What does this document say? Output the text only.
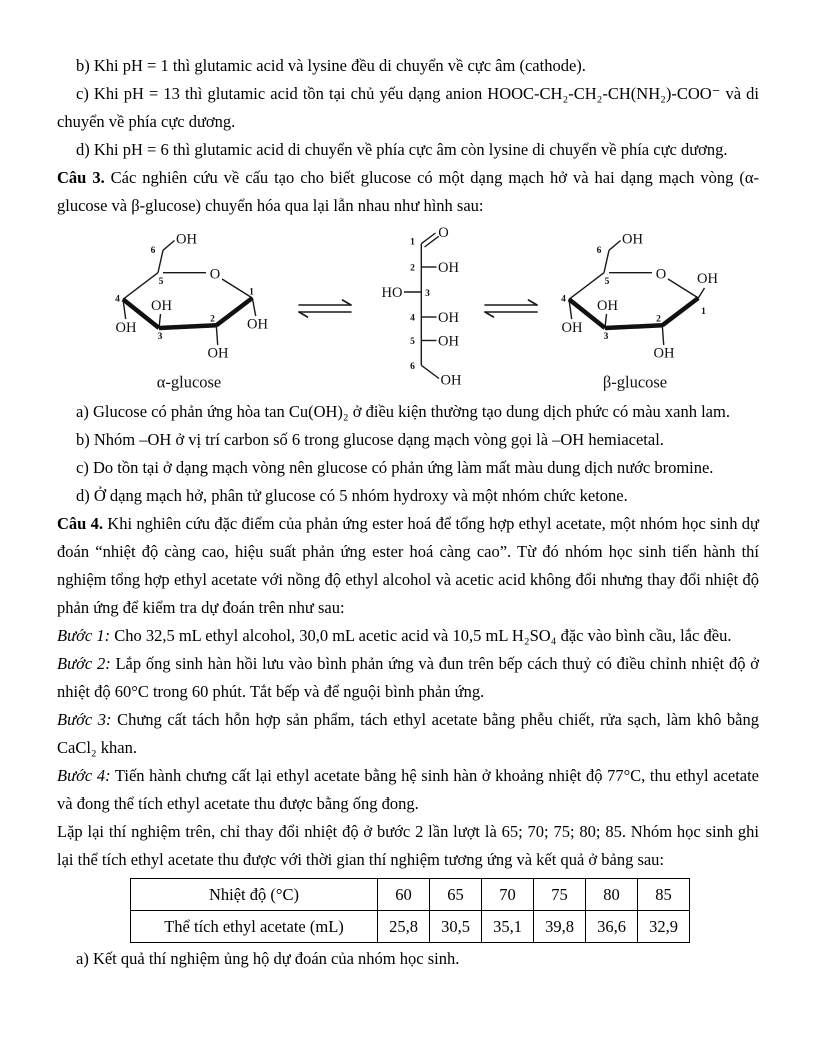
b) Khi pH = 1 thì glutamic acid và lysine đều di chuyển về cực âm (cathode).

c) Khi pH = 13 thì glutamic acid tồn tại chủ yếu dạng anion HOOC-CH₂-CH₂-CH(NH₂)-COO⁻ và di chuyển về phía cực dương.

d) Khi pH = 6 thì glutamic acid di chuyển về phía cực âm còn lysine di chuyển về phía cực dương.

Câu 3. Các nghiên cứu về cấu tạo cho biết glucose có một dạng mạch hở và hai dạng mạch vòng (α-glucose và β-glucose) chuyển hóa qua lại lẫn nhau như hình sau:

O
OH
OH
OH
OH
OH
6
5
4
3
2
1
α-glucose
O
1
2 OH
HO 3
4 OH
5 OH
6
OH
O
OH
OH
OH
OH
OH
6
5
4
3
2
1
β-glucose

a) Glucose có phản ứng hòa tan Cu(OH)₂ ở điều kiện thường tạo dung dịch phức có màu xanh lam.

b) Nhóm –OH ở vị trí carbon số 6 trong glucose dạng mạch vòng gọi là –OH hemiacetal.

c) Do tồn tại ở dạng mạch vòng nên glucose có phản ứng làm mất màu dung dịch nước bromine.

d) Ở dạng mạch hở, phân tử glucose có 5 nhóm hydroxy và một nhóm chức ketone.

Câu 4. Khi nghiên cứu đặc điểm của phản ứng ester hoá để tổng hợp ethyl acetate, một nhóm học sinh dự đoán “nhiệt độ càng cao, hiệu suất phản ứng ester hoá càng cao”. Từ đó nhóm học sinh tiến hành thí nghiệm tổng hợp ethyl acetate với nồng độ ethyl alcohol và acetic acid không đổi nhưng thay đổi nhiệt độ phản ứng để kiểm tra dự đoán trên như sau:

Bước 1: Cho 32,5 mL ethyl alcohol, 30,0 mL acetic acid và 10,5 mL H₂SO₄ đặc vào bình cầu, lắc đều.

Bước 2: Lắp ống sinh hàn hồi lưu vào bình phản ứng và đun trên bếp cách thuỷ có điều chỉnh nhiệt độ ở nhiệt độ 60°C trong 60 phút. Tắt bếp và để nguội bình phản ứng.

Bước 3: Chưng cất tách hỗn hợp sản phẩm, tách ethyl acetate bằng phễu chiết, rửa sạch, làm khô bằng CaCl₂ khan.

Bước 4: Tiến hành chưng cất lại ethyl acetate bằng hệ sinh hàn ở khoảng nhiệt độ 77°C, thu ethyl acetate và đong thể tích ethyl acetate thu được bằng ống đong.

Lặp lại thí nghiệm trên, chỉ thay đổi nhiệt độ ở bước 2 lần lượt là 65; 70; 75; 80; 85. Nhóm học sinh ghi lại thể tích ethyl acetate thu được với thời gian thí nghiệm tương ứng và kết quả ở bảng sau:

Nhiệt độ (°C)	60	65	70	75	80	85
Thể tích ethyl acetate (mL)	25,8	30,5	35,1	39,8	36,6	32,9

a) Kết quả thí nghiệm ủng hộ dự đoán của nhóm học sinh.
